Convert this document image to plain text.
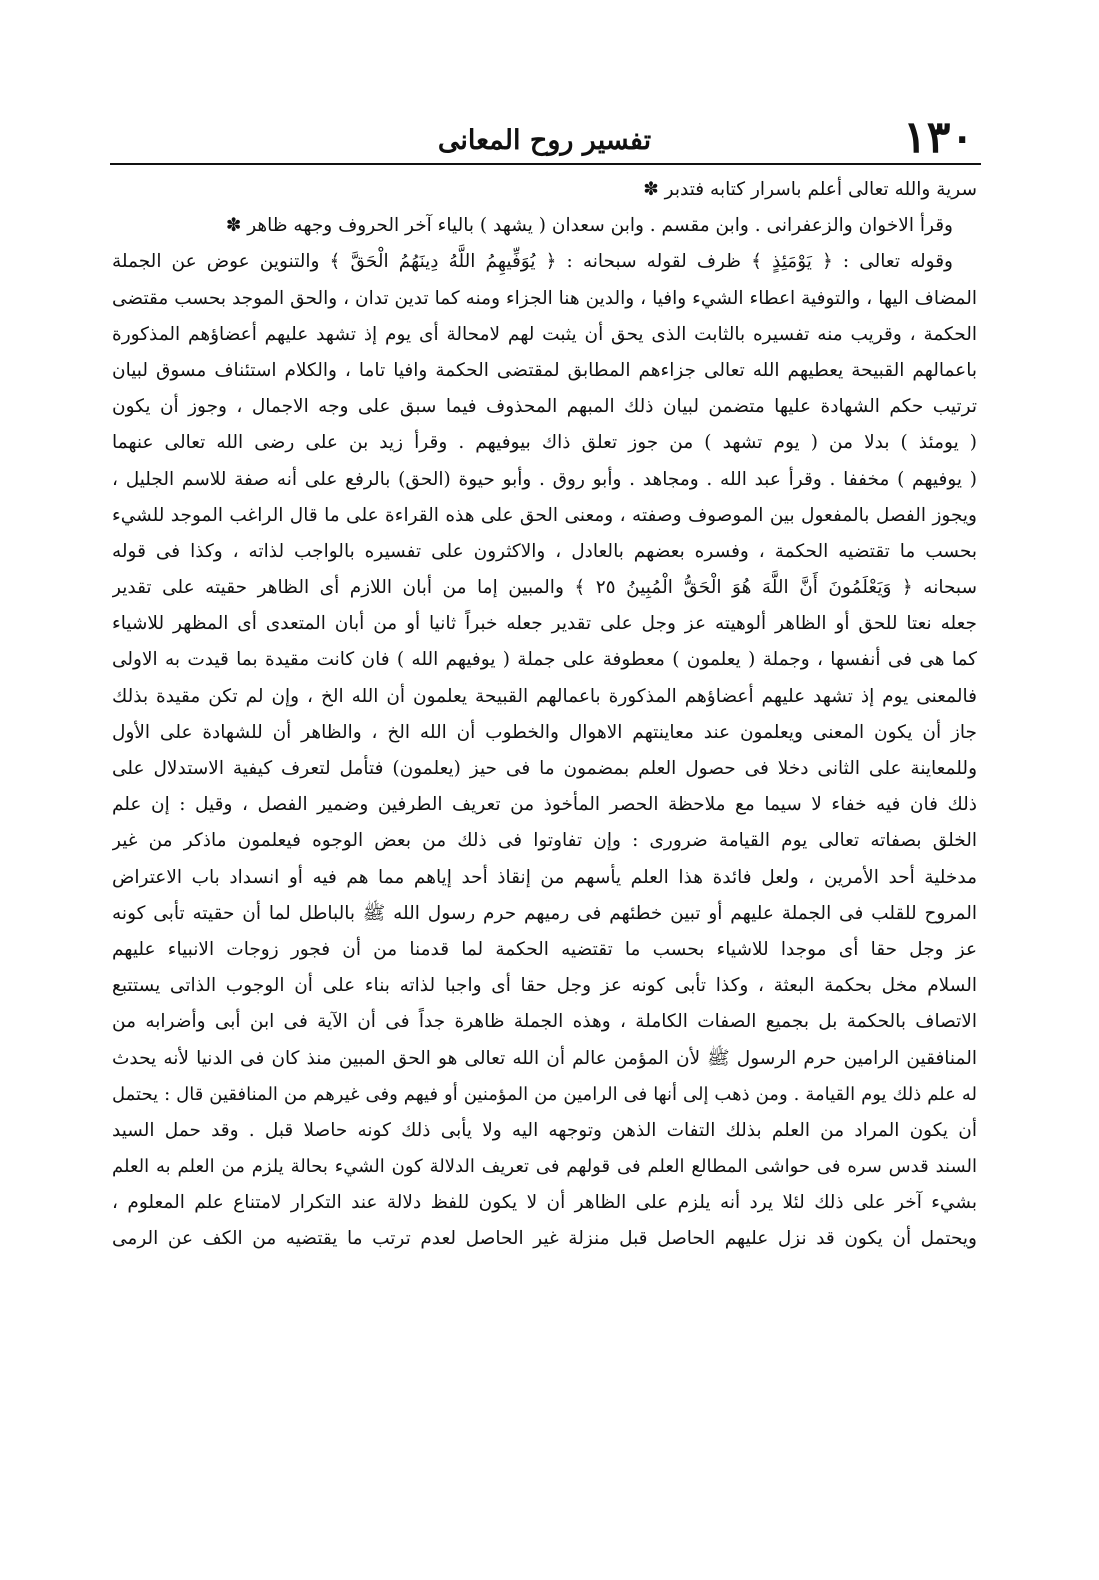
١٣٠
تفسير روح المعانى
سرية والله تعالى أعلم باسرار كتابه فتدبر ✽
وقرأ الاخوان والزعفرانى . وابن مقسم . وابن سعدان ( يشهد ) بالياء آخر الحروف وجهه ظاهر ✽
وقوله تعالى : ﴿ يَوْمَئِذٍ ﴾ ظرف لقوله سبحانه : ﴿ يُوَفِّيهِمُ اللَّهُ دِينَهُمُ الْحَقَّ ﴾ والتنوين عوض عن الجملة
المضاف اليها ، والتوفية اعطاء الشيء وافيا ، والدين هنا الجزاء ومنه كما تدين تدان ، والحق الموجد بحسب مقتضى
الحكمة ، وقريب منه تفسيره بالثابت الذى يحق أن يثبت لهم لامحالة أى يوم إذ تشهد عليهم أعضاؤهم المذكورة
باعمالهم القبيحة يعطيهم الله تعالى جزاءهم المطابق لمقتضى الحكمة وافيا تاما ، والكلام استئناف مسوق لبيان
ترتيب حكم الشهادة عليها متضمن لبيان ذلك المبهم المحذوف فيما سبق على وجه الاجمال ، وجوز أن يكون
( يومئذ ) بدلا من ( يوم تشهد ) من جوز تعلق ذاك بيوفيهم . وقرأ زيد بن على رضى الله تعالى عنهما
( يوفيهم ) مخففا . وقرأ عبد الله . ومجاهد . وأبو روق . وأبو حيوة (الحق) بالرفع على أنه صفة للاسم الجليل ،
ويجوز الفصل بالمفعول بين الموصوف وصفته ، ومعنى الحق على هذه القراءة على ما قال الراغب الموجد للشيء
بحسب ما تقتضيه الحكمة ، وفسره بعضهم بالعادل ، والاكثرون على تفسيره بالواجب لذاته ، وكذا فى قوله
سبحانه ﴿ وَيَعْلَمُونَ أَنَّ اللَّهَ هُوَ الْحَقُّ الْمُبِينُ ٢٥ ﴾ والمبين إما من أبان اللازم أى الظاهر حقيته على تقدير
جعله نعتا للحق أو الظاهر ألوهيته عز وجل على تقدير جعله خبراً ثانيا أو من أبان المتعدى أى المظهر للاشياء
كما هى فى أنفسها ، وجملة ( يعلمون ) معطوفة على جملة ( يوفيهم الله ) فان كانت مقيدة بما قيدت به الاولى
فالمعنى يوم إذ تشهد عليهم أعضاؤهم المذكورة باعمالهم القبيحة يعلمون أن الله الخ ، وإن لم تكن مقيدة بذلك
جاز أن يكون المعنى ويعلمون عند معاينتهم الاهوال والخطوب أن الله الخ ، والظاهر أن للشهادة على الأول
وللمعاينة على الثانى دخلا فى حصول العلم بمضمون ما فى حيز (يعلمون) فتأمل لتعرف كيفية الاستدلال على
ذلك فان فيه خفاء لا سيما مع ملاحظة الحصر المأخوذ من تعريف الطرفين وضمير الفصل ، وقيل : إن علم
الخلق بصفاته تعالى يوم القيامة ضرورى : وإن تفاوتوا فى ذلك من بعض الوجوه فيعلمون ماذكر من غير
مدخلية أحد الأمرين ، ولعل فائدة هذا العلم يأسهم من إنقاذ أحد إياهم مما هم فيه أو انسداد باب الاعتراض
المروح للقلب فى الجملة عليهم أو تبين خطئهم فى رميهم حرم رسول الله ﷺ بالباطل لما أن حقيته تأبى كونه
عز وجل حقا أى موجدا للاشياء بحسب ما تقتضيه الحكمة لما قدمنا من أن فجور زوجات الانبياء عليهم
السلام مخل بحكمة البعثة ، وكذا تأبى كونه عز وجل حقا أى واجبا لذاته بناء على أن الوجوب الذاتى يستتبع
الاتصاف بالحكمة بل بجميع الصفات الكاملة ، وهذه الجملة ظاهرة جداً فى أن الآية فى ابن أبى وأضرابه من
المنافقين الرامين حرم الرسول ﷺ لأن المؤمن عالم أن الله تعالى هو الحق المبين منذ كان فى الدنيا لأنه يحدث
له علم ذلك يوم القيامة . ومن ذهب إلى أنها فى الرامين من المؤمنين أو فيهم وفى غيرهم من المنافقين قال : يحتمل
أن يكون المراد من العلم بذلك التفات الذهن وتوجهه اليه ولا يأبى ذلك كونه حاصلا قبل . وقد حمل السيد
السند قدس سره فى حواشى المطالع العلم فى قولهم فى تعريف الدلالة كون الشيء بحالة يلزم من العلم به العلم
بشيء آخر على ذلك لئلا يرد أنه يلزم على الظاهر أن لا يكون للفظ دلالة عند التكرار لامتناع علم المعلوم ،
ويحتمل أن يكون قد نزل عليهم الحاصل قبل منزلة غير الحاصل لعدم ترتب ما يقتضيه من الكف عن الرمى
